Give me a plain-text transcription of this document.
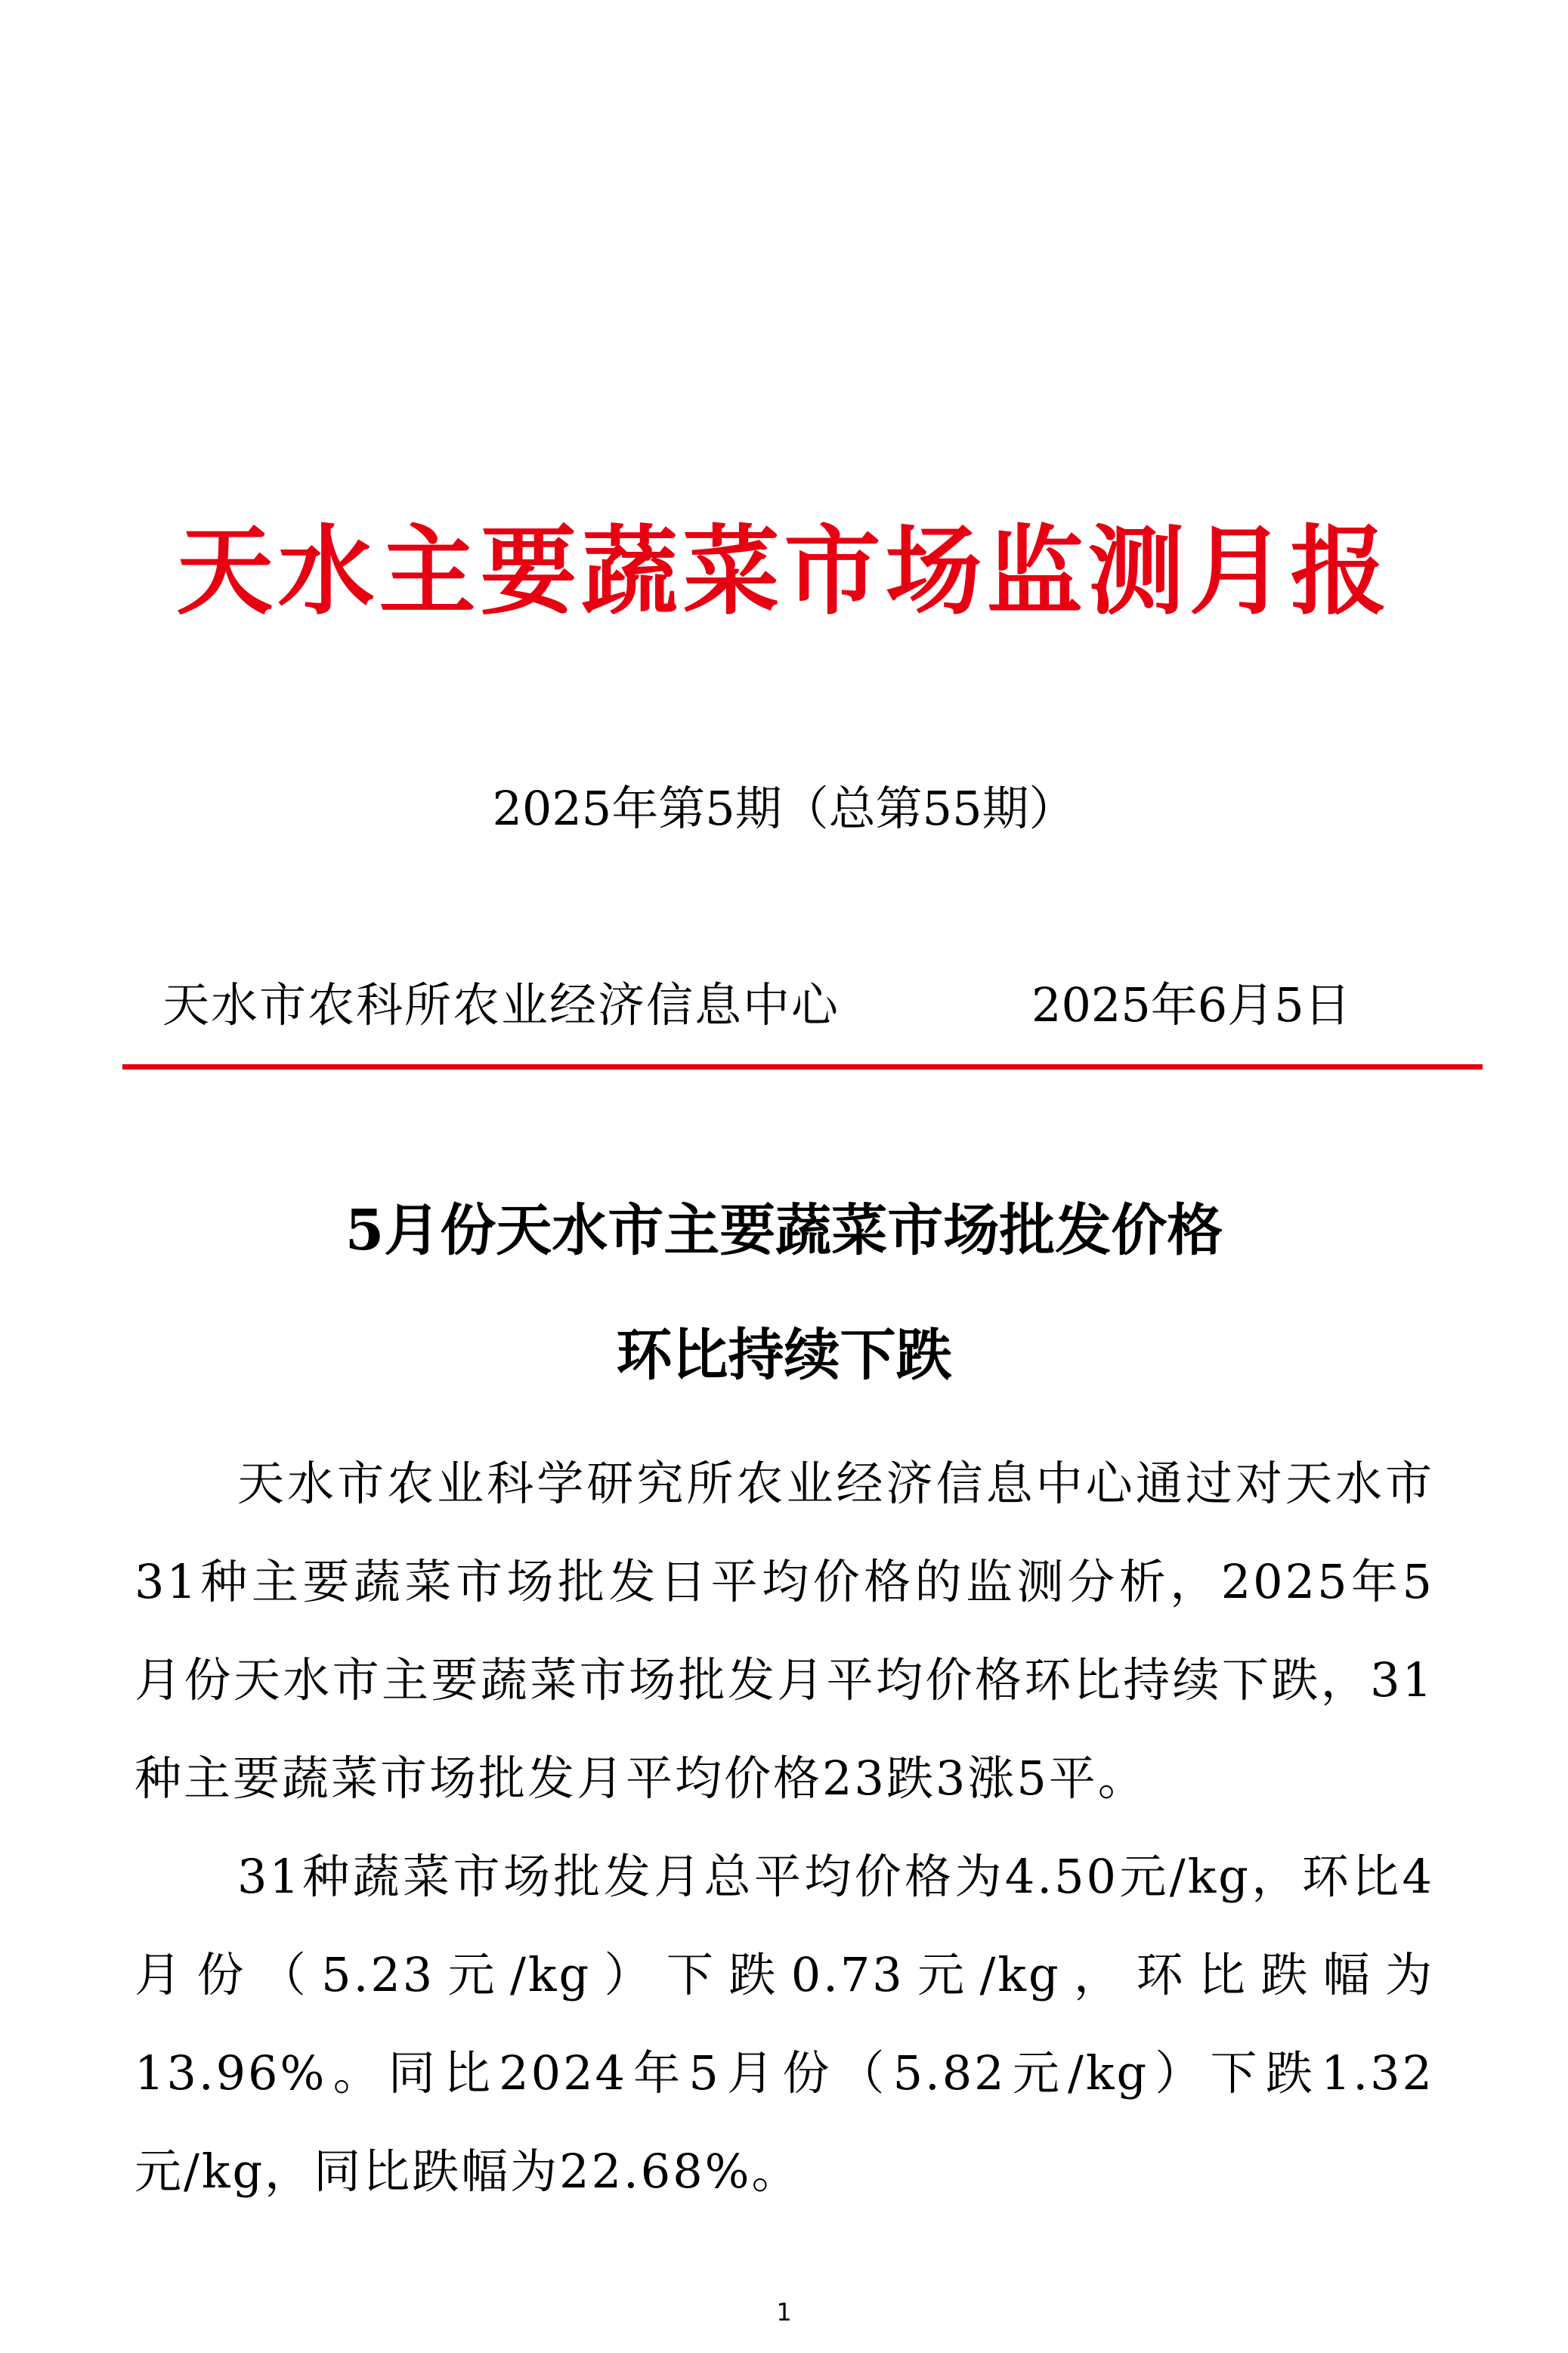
天水主要蔬菜市场监测月报
2025年第5期（总第55期）
天水市农科所农业经济信息中心	2025年6月5日
5月份天水市主要蔬菜市场批发价格
环比持续下跌

天水市农业科学研究所农业经济信息中心通过对天水市31种主要蔬菜市场批发日平均价格的监测分析，2025年5月份天水市主要蔬菜市场批发月平均价格环比持续下跌，31种主要蔬菜市场批发月平均价格23跌3涨5平。

31种蔬菜市场批发月总平均价格为4.50元/kg，环比4月份（5.23元/kg）下跌0.73元/kg，环比跌幅为13.96%。同比2024年5月份（5.82元/kg）下跌1.32元/kg，同比跌幅为22.68%。

1
